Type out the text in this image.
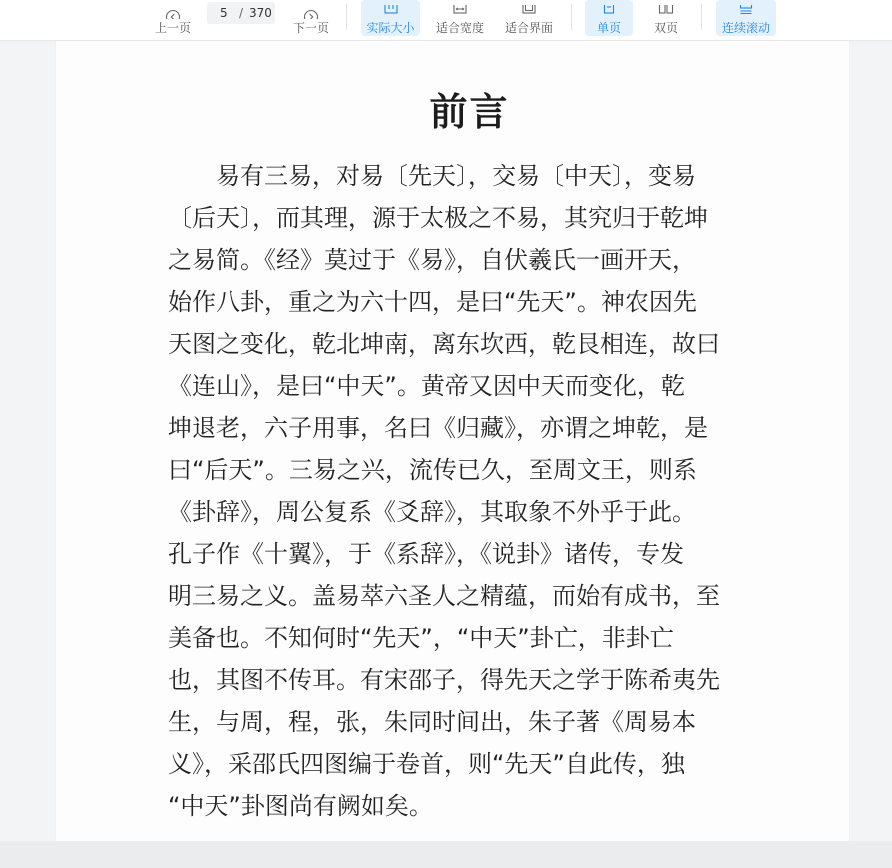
上一页
5 / 370
下一页	实际大小 适合宽度 适合界面	单页	双页	连续滚动
前言

　　易有三易，对易〔先天〕，交易〔中天〕，变易

〔后天〕，而其理，源于太极之不易，其究归于乾坤

之易简。《经》莫过于《易》，自伏羲氏一画开天，

始作八卦，重之为六十四，是曰“先天”。神农因先

天图之变化，乾北坤南，离东坎西，乾艮相连，故曰

《连山》，是曰“中天”。黄帝又因中天而变化，乾

坤退老，六子用事，名曰《归藏》，亦谓之坤乾，是

曰“后天”。三易之兴，流传已久，至周文王，则系

《卦辞》，周公复系《爻辞》，其取象不外乎于此。

孔子作《十翼》，于《系辞》，《说卦》诸传，专发

明三易之义。盖易萃六圣人之精蕴，而始有成书，至

美备也。不知何时“先天”，“中天”卦亡，非卦亡

也，其图不传耳。有宋邵子，得先天之学于陈希夷先

生，与周，程，张，朱同时间出，朱子著《周易本

义》，采邵氏四图编于卷首，则“先天”自此传，独

“中天”卦图尚有阙如矣。
